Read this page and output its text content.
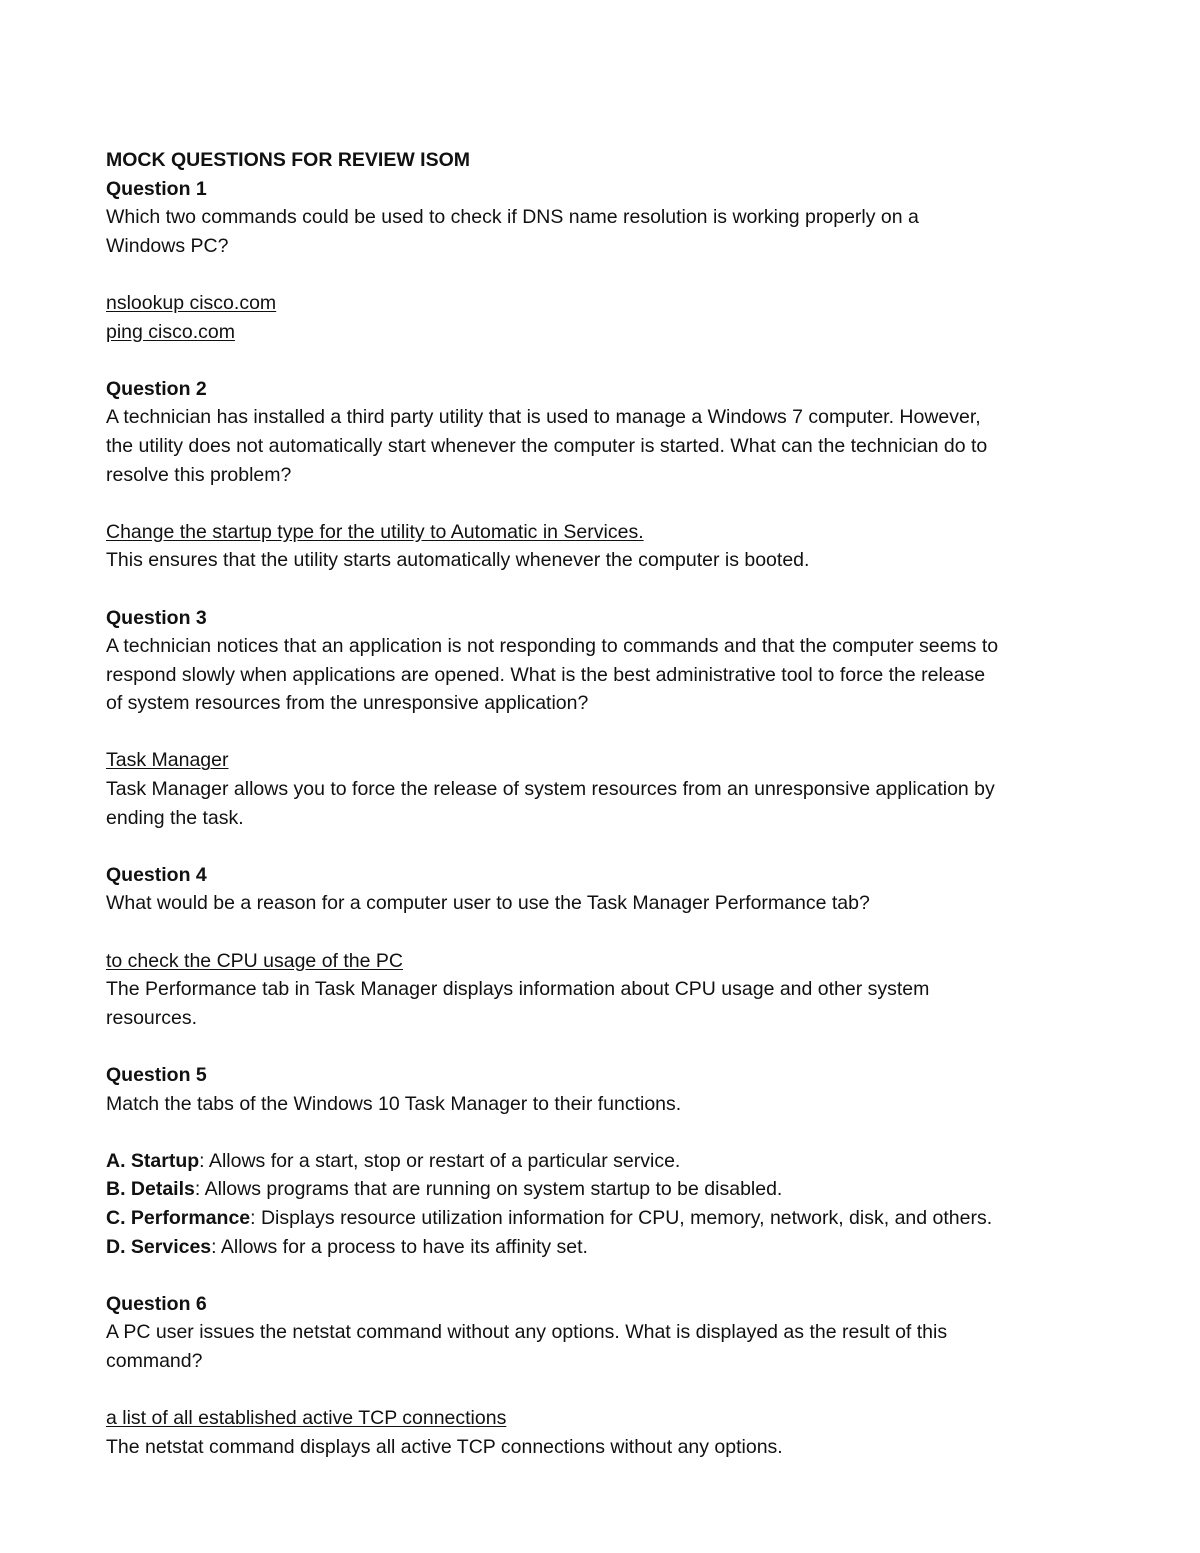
MOCK QUESTIONS FOR REVIEW ISOM
Question 1
Which two commands could be used to check if DNS name resolution is working properly on a
Windows PC?
nslookup cisco.com
ping cisco.com
Question 2
A technician has installed a third party utility that is used to manage a Windows 7 computer. However,
the utility does not automatically start whenever the computer is started. What can the technician do to
resolve this problem?
Change the startup type for the utility to Automatic in Services.
This ensures that the utility starts automatically whenever the computer is booted.
Question 3
A technician notices that an application is not responding to commands and that the computer seems to
respond slowly when applications are opened. What is the best administrative tool to force the release
of system resources from the unresponsive application?
Task Manager
Task Manager allows you to force the release of system resources from an unresponsive application by
ending the task.
Question 4
What would be a reason for a computer user to use the Task Manager Performance tab?
to check the CPU usage of the PC
The Performance tab in Task Manager displays information about CPU usage and other system
resources.
Question 5
Match the tabs of the Windows 10 Task Manager to their functions.
A. Startup: Allows for a start, stop or restart of a particular service.
B. Details: Allows programs that are running on system startup to be disabled.
C. Performance: Displays resource utilization information for CPU, memory, network, disk, and others.
D. Services: Allows for a process to have its affinity set.
Question 6
A PC user issues the netstat command without any options. What is displayed as the result of this
command?
a list of all established active TCP connections
The netstat command displays all active TCP connections without any options.
